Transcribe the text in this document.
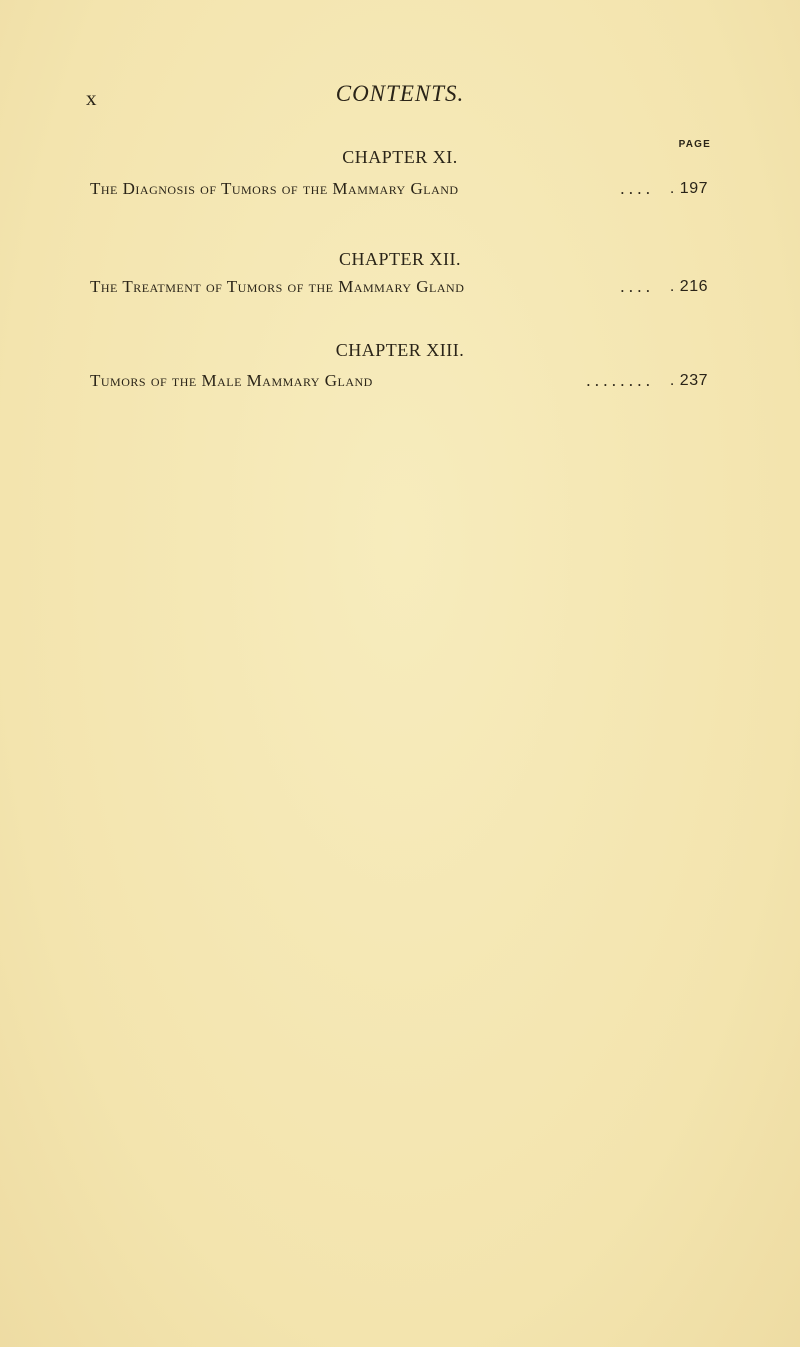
x	CONTENTS.
PAGE
CHAPTER XI.
The Diagnosis of Tumors of the Mammary Gland	. . . . . 197
CHAPTER XII.
The Treatment of Tumors of the Mammary Gland	. . . . . 216
CHAPTER XIII.
Tumors of the Male Mammary Gland	. . . . . . . . . 237
